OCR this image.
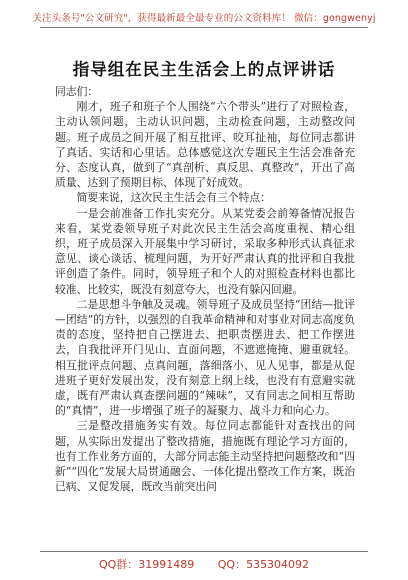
关注头条号"公文研究"，获得最新最全最专业的公文资料库！ 微信：gongwenyj
指导组在民主生活会上的点评讲话

同志们：

刚才，班子和班子个人围绕“六个带头”进行了对照检查，主动认领问题，主动认识问题，主动检查问题，主动整改问题。班子成员之间开展了相互批评、咬耳扯袖，每位同志都讲了真话、实话和心里话。总体感觉这次专题民主生活会准备充分、态度认真，做到了“真剖析、真反思、真整改”，开出了高质量、达到了预期目标、体现了好成效。

简要来说，这次民主生活会有三个特点：

一是会前准备工作扎实充分。从某党委会前筹备情况报告来看，某党委领导班子对此次民主生活会高度重视、精心组织，班子成员深入开展集中学习研讨，采取多种形式认真征求意见、谈心谈话、梳理问题，为开好严肃认真的批评和自我批评创造了条件。同时，领导班子和个人的对照检查材料也都比较准、比较实，既没有刻意夸大，也没有躲闪回避。

二是思想斗争触及灵魂。领导班子及成员坚持“团结—批评—团结”的方针，以强烈的自我革命精神和对事业对同志高度负责的态度，坚持把自己摆进去、把职责摆进去、把工作摆进去，自我批评开门见山、直面问题，不遮遮掩掩、避重就轻。相互批评点问题、点真问题，落细落小、见人见事，都是从促进班子更好发展出发，没有刻意上纲上线，也没有有意避实就虚，既有严肃认真查摆问题的“辣味”，又有同志之间相互帮助的“真情”，进一步增强了班子的凝聚力、战斗力和向心力。

三是整改措施务实有效。每位同志都能针对查找出的问题，从实际出发提出了整改措施，措施既有理论学习方面的，也有工作业务方面的，大部分同志能主动坚持把问题整改和“四新”“四化”发展大局贯通融会、一体化提出整改工作方案，既治已病、又促发展，既改当前突出问

QQ群：31991489 QQ：535304092
